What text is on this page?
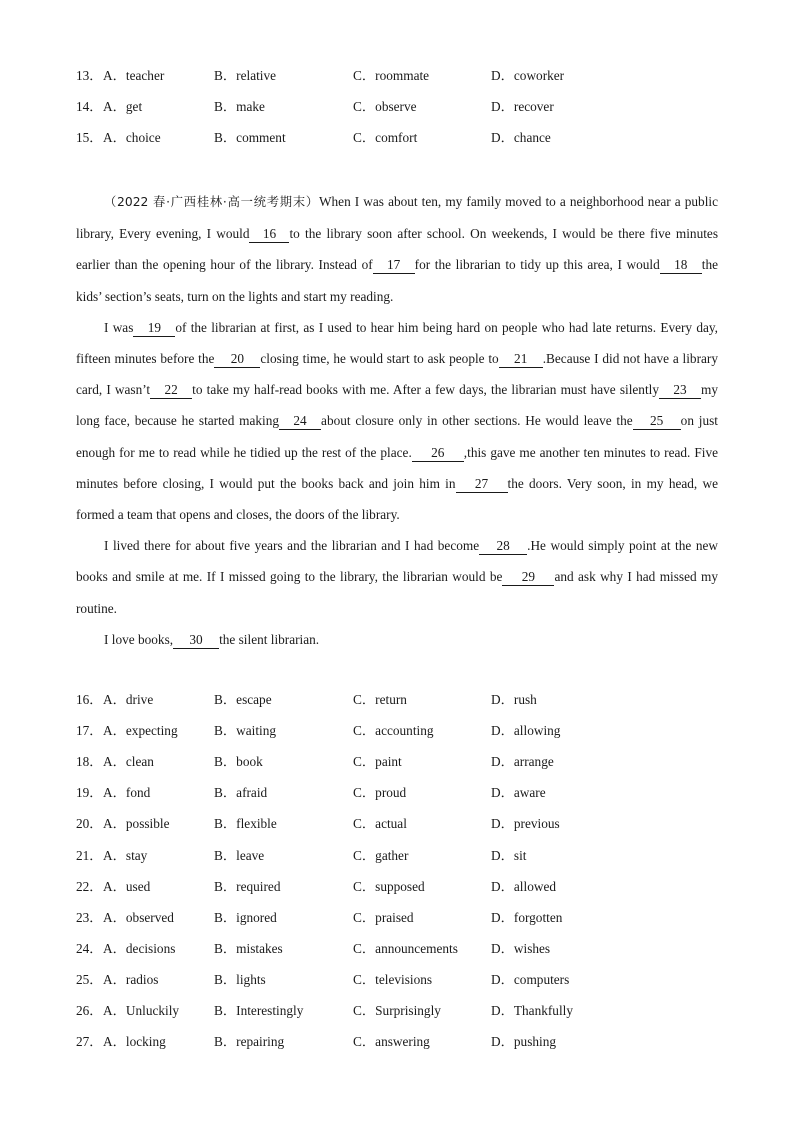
13． A．teacher	B．relative	C．roommate	D．coworker
14． A．get	B．make	C．observe	D．recover
15． A．choice	B．comment	C．comfort	D．chance

（2022 春·广西桂林·高一统考期末）When I was about ten, my family moved to a neighborhood near a public library, Every evening, I would 16 to the library soon after school. On weekends, I would be there five minutes earlier than the opening hour of the library. Instead of 17 for the librarian to tidy up this area, I would 18 the kids’ section’s seats, turn on the lights and start my reading.

I was 19 of the librarian at first, as I used to hear him being hard on people who had late returns. Every day, fifteen minutes before the 20 closing time, he would start to ask people to 21 .Because I did not have a library card, I wasn’t 22 to take my half-read books with me. After a few days, the librarian must have silently 23 my long face, because he started making 24 about closure only in other sections. He would leave the 25 on just enough for me to read while he tidied up the rest of the place. 26 ,this gave me another ten minutes to read. Five minutes before closing, I would put the books back and join him in 27 the doors. Very soon, in my head, we formed a team that opens and closes, the doors of the library.

I lived there for about five years and the librarian and I had become 28 .He would simply point at the new books and smile at me. If I missed going to the library, the librarian would be 29 and ask why I had missed my routine.

I love books, 30 the silent librarian.

16． A．drive	B．escape	C．return	D．rush
17． A．expecting	B．waiting	C．accounting	D．allowing
18． A．clean	B．book	C．paint	D．arrange
19． A．fond	B．afraid	C．proud	D．aware
20． A．possible	B．flexible	C．actual	D．previous
21． A．stay	B．leave	C．gather	D．sit
22． A．used	B．required	C．supposed	D．allowed
23． A．observed	B．ignored	C．praised	D．forgotten
24． A．decisions	B．mistakes	C．announcements D．wishes
25． A．radios	B．lights	C．televisions	D．computers
26． A．Unluckily	B．Interestingly	C．Surprisingly	D．Thankfully
27． A．locking	B．repairing	C．answering	D．pushing
